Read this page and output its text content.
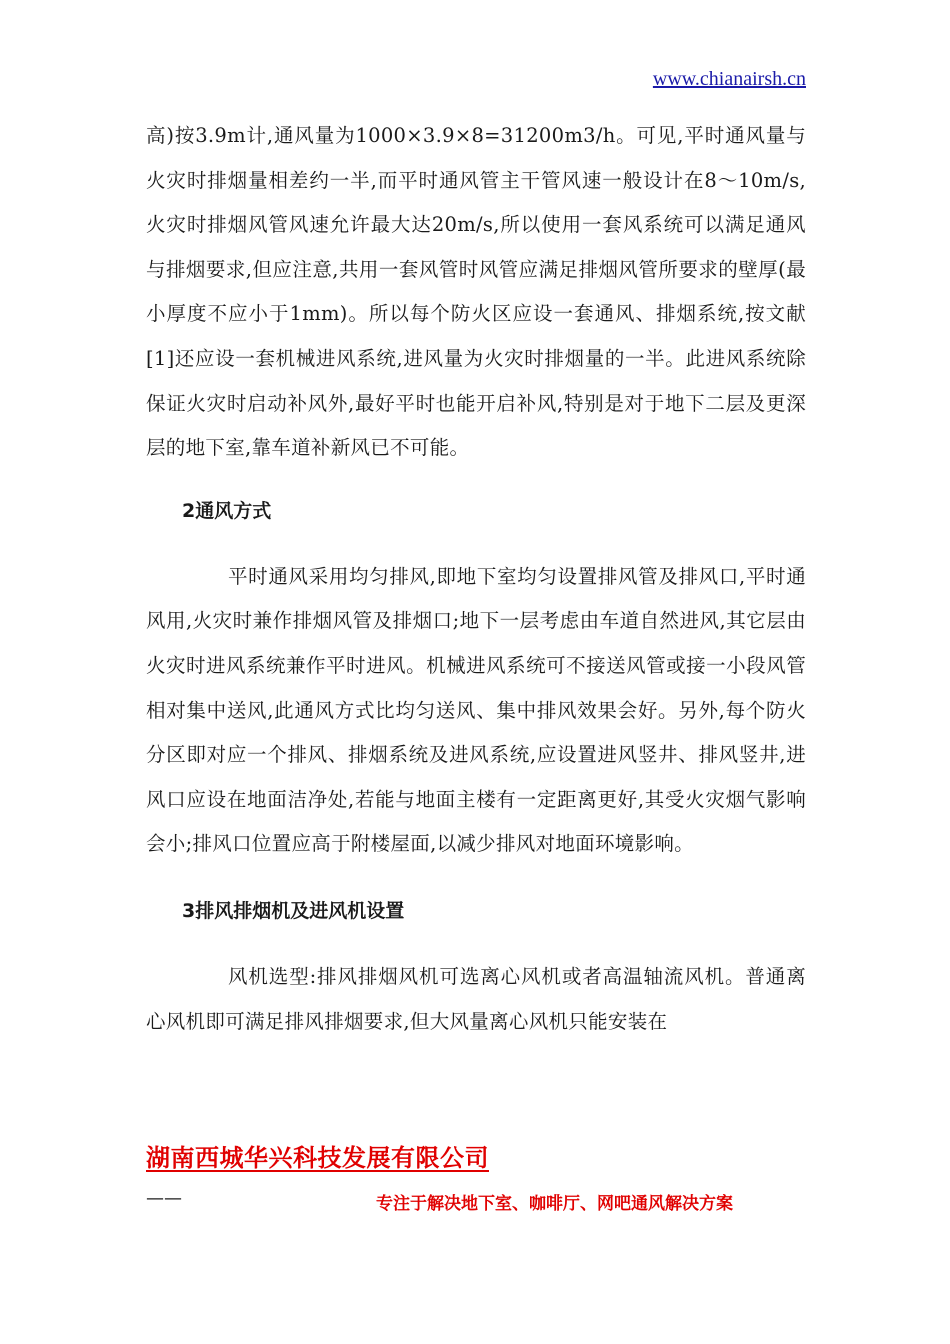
www.chianairsh.cn

高)按3.9m计,通风量为1000×3.9×8=31200m3/h。可见,平时通风量与火灾时排烟量相差约一半,而平时通风管主干管风速一般设计在8～10m/s,火灾时排烟风管风速允许最大达20m/s,所以使用一套风系统可以满足通风与排烟要求,但应注意,共用一套风管时风管应满足排烟风管所要求的壁厚(最小厚度不应小于1mm)。所以每个防火区应设一套通风、排烟系统,按文献[1]还应设一套机械进风系统,进风量为火灾时排烟量的一半。此进风系统除保证火灾时启动补风外,最好平时也能开启补风,特别是对于地下二层及更深层的地下室,靠车道补新风已不可能。

2通风方式

平时通风采用均匀排风,即地下室均匀设置排风管及排风口,平时通风用,火灾时兼作排烟风管及排烟口;地下一层考虑由车道自然进风,其它层由火灾时进风系统兼作平时进风。机械进风系统可不接送风管或接一小段风管相对集中送风,此通风方式比均匀送风、集中排风效果会好。另外,每个防火分区即对应一个排风、排烟系统及进风系统,应设置进风竖井、排风竖井,进风口应设在地面洁净处,若能与地面主楼有一定距离更好,其受火灾烟气影响会小;排风口位置应高于附楼屋面,以减少排风对地面环境影响。

3排风排烟机及进风机设置

风机选型:排风排烟风机可选离心风机或者高温轴流风机。普通离心风机即可满足排风排烟要求,但大风量离心风机只能安装在

湖南西城华兴科技发展有限公司
——	专注于解决地下室、咖啡厅、网吧通风解决方案
